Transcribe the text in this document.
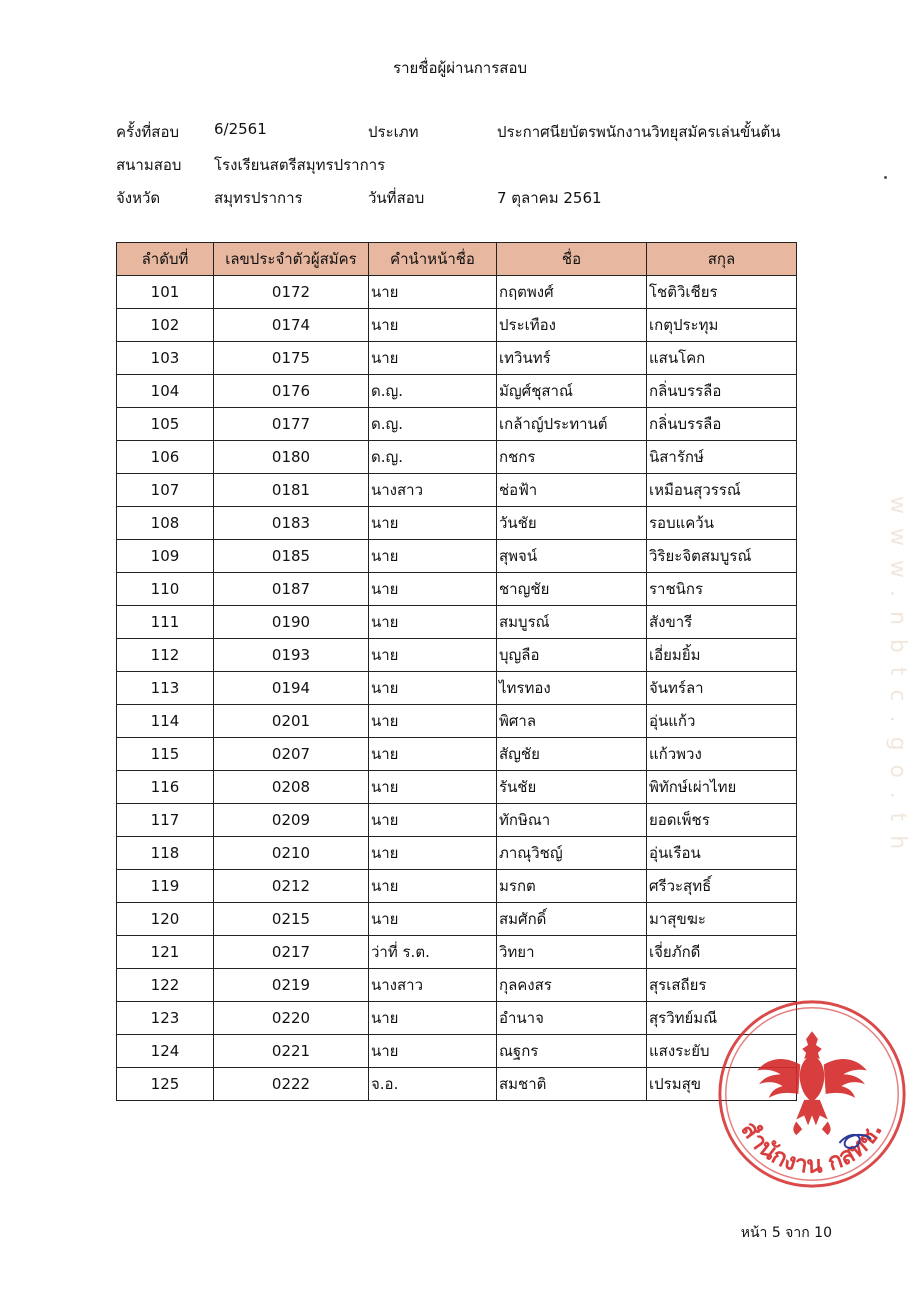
รายชื่อผู้ผ่านการสอบ
ครั้งที่สอบ 6/2561	ประเภท	ประกาศนียบัตรพนักงานวิทยุสมัครเล่นขั้นต้น
สนามสอบ โรงเรียนสตรีสมุทรปราการ
จังหวัด	สมุทรปราการ	วันที่สอบ	7 ตุลาคม 2561
ลำดับที่	เลขประจำตัวผู้สมัคร	คำนำหน้าชื่อ	ชื่อ	สกุล
101	0172	นาย	กฤตพงศ์	โชติวิเชียร
102	0174	นาย	ประเทือง	เกตุประทุม
103	0175	นาย	เทวินทร์	แสนโคก
104	0176	ด.ญ.	มัญศ์ชุสาณ์	กลิ่นบรรลือ
105	0177	ด.ญ.	เกล้าญ์ประทานต์	กลิ่นบรรลือ
106	0180	ด.ญ.	กชกร	นิสารักษ์
107	0181	นางสาว	ช่อฟ้า	เหมือนสุวรรณ์
108	0183	นาย	วันชัย	รอบแคว้น
109	0185	นาย	สุพจน์	วิริยะจิตสมบูรณ์
110	0187	นาย	ชาญชัย	ราชนิกร
111	0190	นาย	สมบูรณ์	สังขารี
112	0193	นาย	บุญลือ	เอี่ยมยิ้ม
113	0194	นาย	ไทรทอง	จันทร์ลา
114	0201	นาย	พิศาล	อุ่นแก้ว
115	0207	นาย	สัญชัย	แก้วพวง
116	0208	นาย	รันชัย	พิทักษ์เผ่าไทย
117	0209	นาย	ทักษิณา	ยอดเพ็ชร
118	0210	นาย	ภาณุวิชญ์	อุ่นเรือน
119	0212	นาย	มรกต	ศรีวะสุทธิ์
120	0215	นาย	สมศักดิ์	มาสุขฆะ
121	0217	ว่าที่ ร.ต.	วิทยา	เจี่ยภักดี
122	0219	นางสาว	กุลคงสร	สุรเสถียร
123	0220	นาย	อำนาจ	สุรวิทย์มณี
124	0221	นาย	ณฐกร	แสงระยับ
125	0222	จ.อ.	สมชาติ	เปรมสุข
www.nbtc.go.th
สำนักงาน กสทช.
หน้า 5 จาก 10
